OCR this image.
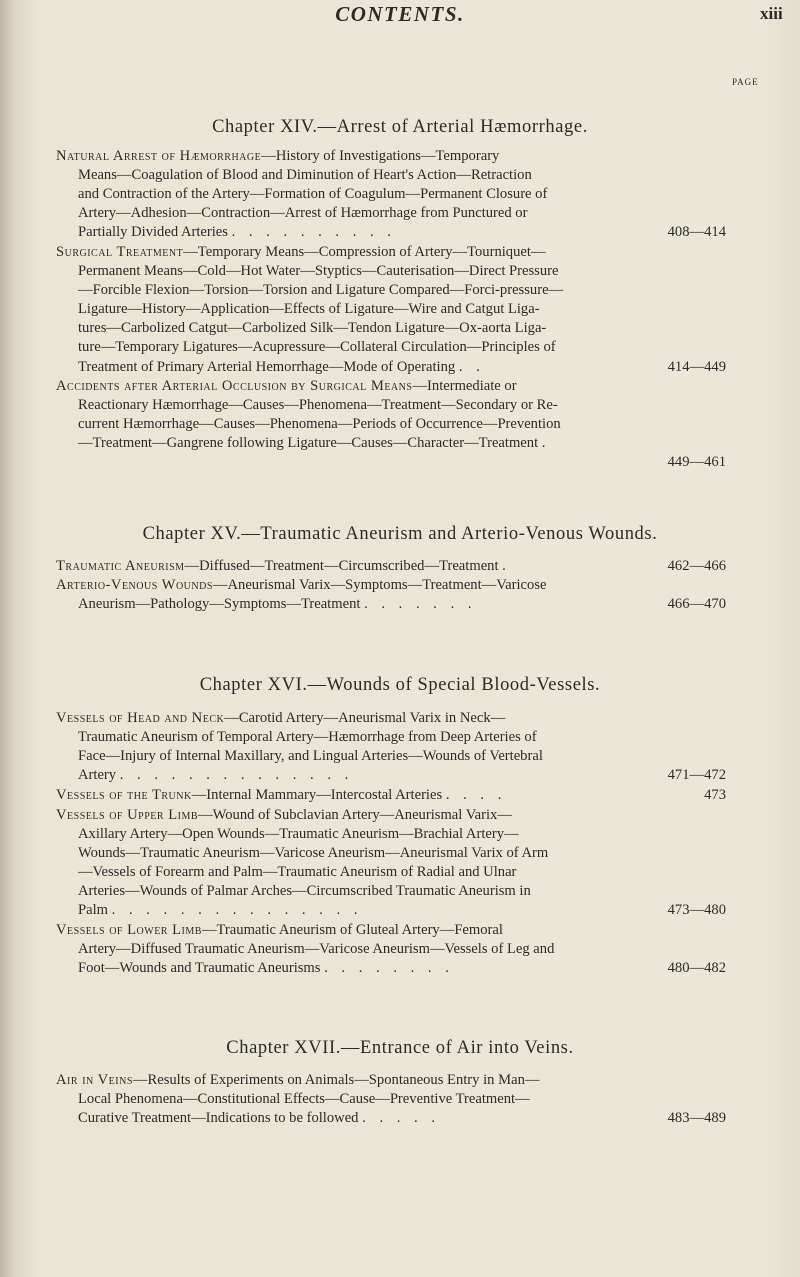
CONTENTS.	xiii
PAGE
Chapter XIV.—Arrest of Arterial Hæmorrhage.
Natural Arrest of Hæmorrhage—History of Investigations—Temporary
Means—Coagulation of Blood and Diminution of Heart's Action—Retraction
and Contraction of the Artery—Formation of Coagulum—Permanent Closure of
Artery—Adhesion—Contraction—Arrest of Hæmorrhage from Punctured or
Partially Divided Arteries . . . . . . . . . .	408—414
Surgical Treatment—Temporary Means—Compression of Artery—Tourniquet—
Permanent Means—Cold—Hot Water—Styptics—Cauterisation—Direct Pressure
—Forcible Flexion—Torsion—Torsion and Ligature Compared—Forci-pressure—
Ligature—History—Application—Effects of Ligature—Wire and Catgut Liga-
tures—Carbolized Catgut—Carbolized Silk—Tendon Ligature—Ox-aorta Liga-
ture—Temporary Ligatures—Acupressure—Collateral Circulation—Principles of
Treatment of Primary Arterial Hemorrhage—Mode of Operating . .	414—449
Accidents after Arterial Occlusion by Surgical Means—Intermediate or
Reactionary Hæmorrhage—Causes—Phenomena—Treatment—Secondary or Re-
current Hæmorrhage—Causes—Phenomena—Periods of Occurrence—Prevention
—Treatment—Gangrene following Ligature—Causes—Character—Treatment .
449—461
Chapter XV.—Traumatic Aneurism and Arterio-Venous Wounds.
Traumatic Aneurism—Diffused—Treatment—Circumscribed—Treatment .	462—466
Arterio-Venous Wounds—Aneurismal Varix—Symptoms—Treatment—Varicose
Aneurism—Pathology—Symptoms—Treatment . . . . . . .	466—470
Chapter XVI.—Wounds of Special Blood-Vessels.
Vessels of Head and Neck—Carotid Artery—Aneurismal Varix in Neck—
Traumatic Aneurism of Temporal Artery—Hæmorrhage from Deep Arteries of
Face—Injury of Internal Maxillary, and Lingual Arteries—Wounds of Vertebral
Artery . . . . . . . . . . . . . .	471—472
Vessels of the Trunk—Internal Mammary—Intercostal Arteries . . . .	473
Vessels of Upper Limb—Wound of Subclavian Artery—Aneurismal Varix—
Axillary Artery—Open Wounds—Traumatic Aneurism—Brachial Artery—
Wounds—Traumatic Aneurism—Varicose Aneurism—Aneurismal Varix of Arm
—Vessels of Forearm and Palm—Traumatic Aneurism of Radial and Ulnar
Arteries—Wounds of Palmar Arches—Circumscribed Traumatic Aneurism in
Palm . . . . . . . . . . . . . . .	473—480
Vessels of Lower Limb—Traumatic Aneurism of Gluteal Artery—Femoral
Artery—Diffused Traumatic Aneurism—Varicose Aneurism—Vessels of Leg and
Foot—Wounds and Traumatic Aneurisms . . . . . . . .	480—482
Chapter XVII.—Entrance of Air into Veins.
Air in Veins—Results of Experiments on Animals—Spontaneous Entry in Man—
Local Phenomena—Constitutional Effects—Cause—Preventive Treatment—
Curative Treatment—Indications to be followed . . . . .	483—489
